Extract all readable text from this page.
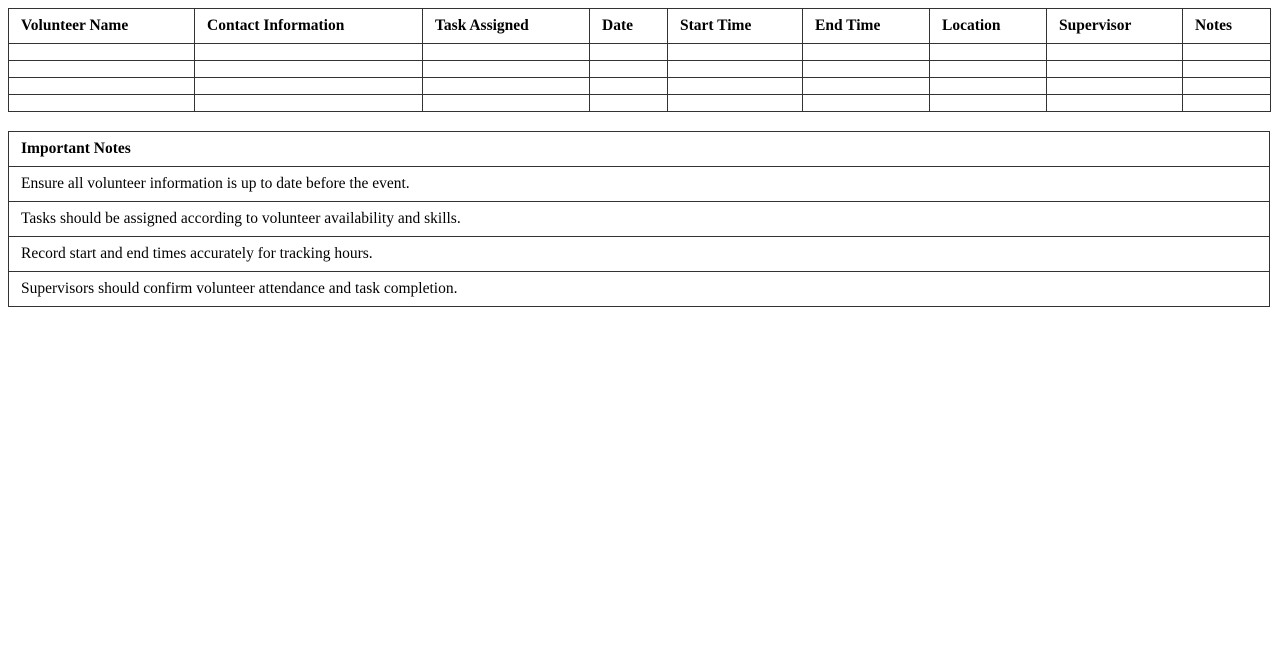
Volunteer Name	Contact Information	Task Assigned	Date	Start Time	End Time	Location	Supervisor	Notes

Important Notes
Ensure all volunteer information is up to date before the event.
Tasks should be assigned according to volunteer availability and skills.
Record start and end times accurately for tracking hours.
Supervisors should confirm volunteer attendance and task completion.
